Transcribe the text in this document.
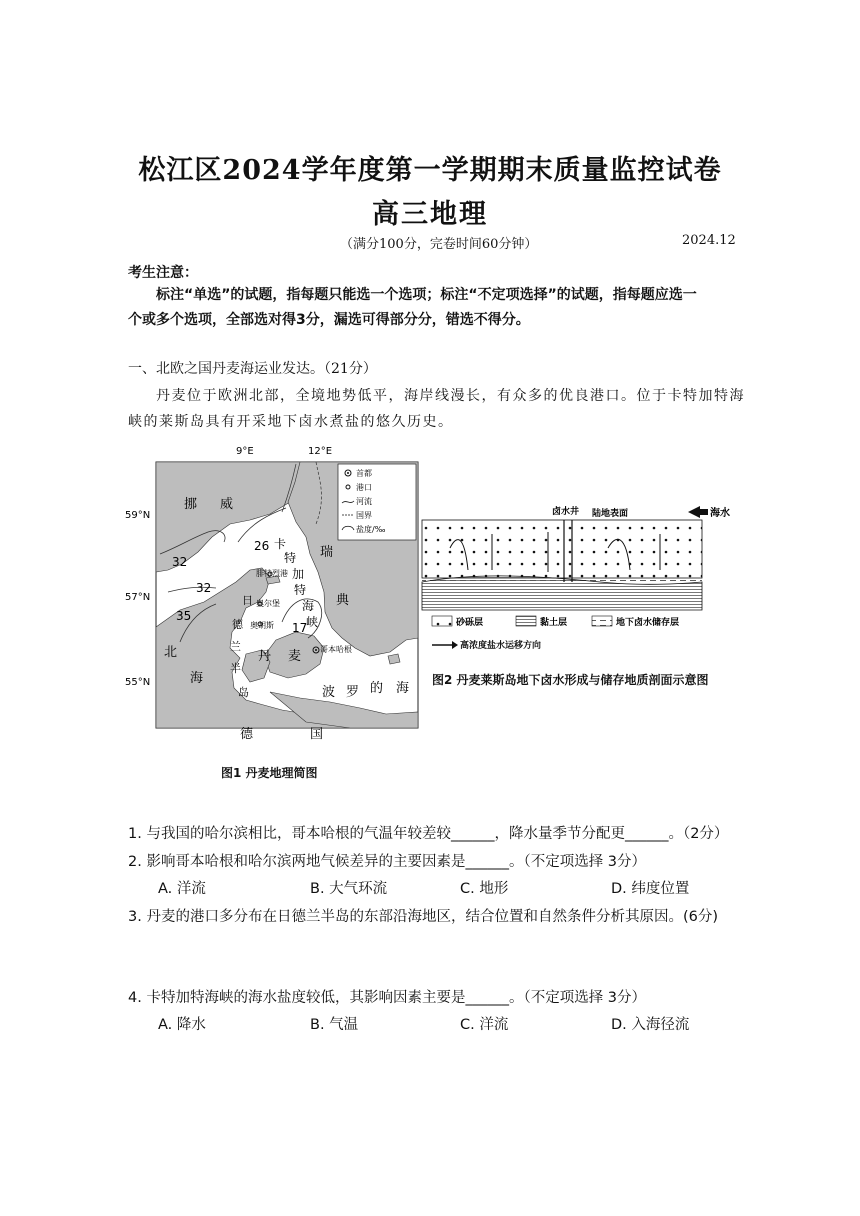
松江区2024学年度第一学期期末质量监控试卷
高三地理
（满分100分，完卷时间60分钟）	2024.12
考生注意：
标注“单选”的试题，指每题只能选一个选项；标注“不定项选择”的试题，指每题应选一
个或多个选项，全部选对得3分，漏选可得部分分，错选不得分。
一、北欧之国丹麦海运业发达。（21分）
丹麦位于欧洲北部，全境地势低平，海岸线漫长，有众多的优良港口。位于卡特加特海
峡的莱斯岛具有开采地下卤水煮盐的悠久历史。
9°E	12°E
59°N
57°N
55°N
32
26
32
35
17
挪 威
卡
特
加
特
海
峡
瑞
典
日
德
兰
半
岛
丹 麦
北
海
波 罗 的 海
德	国
腓特烈港
奥尔堡
奥胡斯
哥本哈根
首都
港口
河流
国界
盐度/‰
图1 丹麦地理简图
卤水井 陆地表面	海水
砂砾层	黏土层	地下卤水储存层
高浓度盐水运移方向
图2 丹麦莱斯岛地下卤水形成与储存地质剖面示意图
1. 与我国的哈尔滨相比，哥本哈根的气温年较差较______，降水量季节分配更______。（2分）
2. 影响哥本哈根和哈尔滨两地气候差异的主要因素是______。（不定项选择 3分）
A. 洋流	B. 大气环流	C. 地形	D. 纬度位置
3. 丹麦的港口多分布在日德兰半岛的东部沿海地区，结合位置和自然条件分析其原因。(6分)
4. 卡特加特海峡的海水盐度较低，其影响因素主要是______。（不定项选择 3分）
A. 降水	B. 气温	C. 洋流	D. 入海径流
